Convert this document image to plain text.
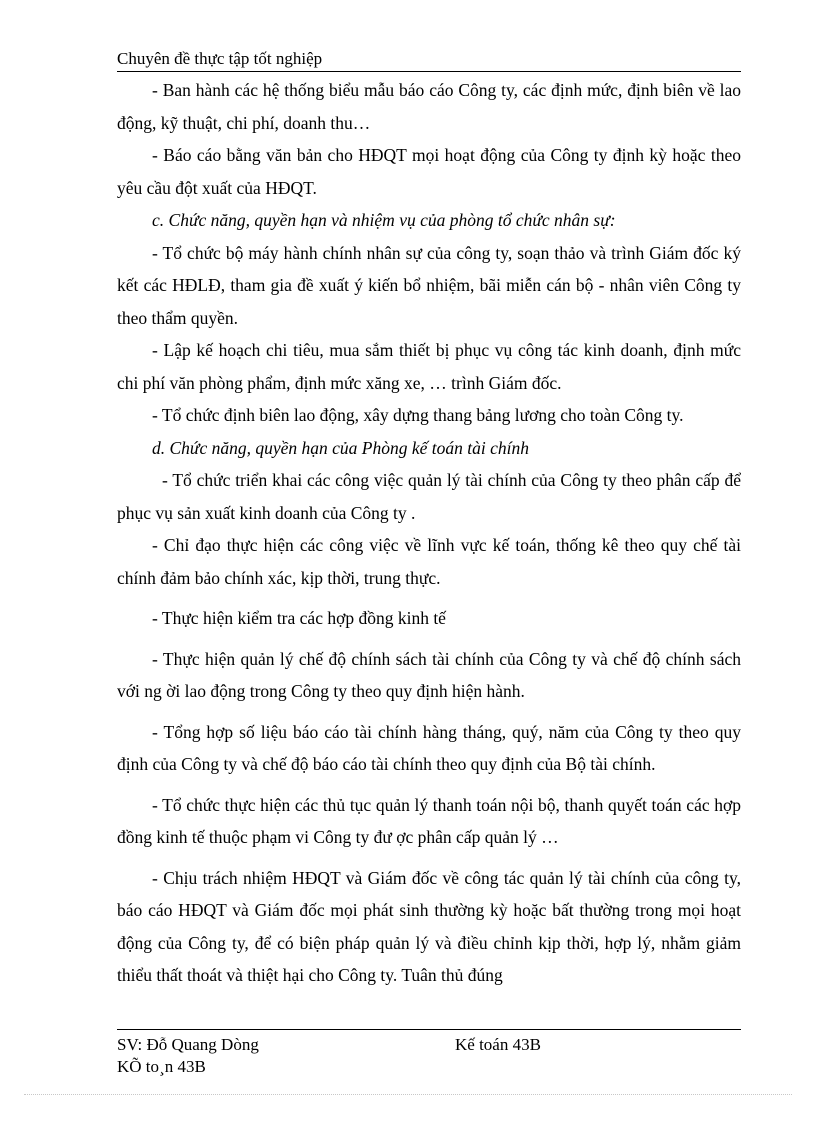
Chuyên đề thực tập tốt nghiệp

- Ban hành các hệ thống biểu mẫu báo cáo Công ty, các định mức, định biên về lao động, kỹ thuật, chi phí, doanh thu…

- Báo cáo bằng văn bản cho HĐQT mọi hoạt động của Công ty định kỳ hoặc theo yêu cầu đột xuất của HĐQT.

c. Chức năng, quyền hạn và nhiệm vụ của phòng tổ chức nhân sự:

- Tổ chức bộ máy hành chính nhân sự của công ty, soạn thảo và trình Giám đốc ký kết các HĐLĐ, tham gia đề xuất ý kiến bổ nhiệm, bãi miễn cán bộ - nhân viên Công ty theo thẩm quyền.

- Lập kế hoạch chi tiêu, mua sắm thiết bị phục vụ công tác kinh doanh, định mức chi phí văn phòng phẩm, định mức xăng xe, … trình Giám đốc.

- Tổ chức định biên lao động, xây dựng thang bảng lương cho toàn Công ty.

d. Chức năng, quyền hạn của Phòng kế toán tài chính

- Tổ chức triển khai các công việc quản lý tài chính của Công ty theo phân cấp để phục vụ sản xuất kinh doanh của Công ty .

- Chỉ đạo thực hiện các công việc về lĩnh vực kế toán, thống kê theo quy chế tài chính đảm bảo chính xác, kịp thời, trung thực.

- Thực hiện kiểm tra các hợp đồng kinh tế

- Thực hiện quản lý chế độ chính sách tài chính của Công ty và chế độ chính sách với ng ời lao động trong Công ty theo quy định hiện hành.

- Tổng hợp số liệu báo cáo tài chính hàng tháng, quý, năm của Công ty theo quy định của Công ty và chế độ báo cáo tài chính theo quy định của Bộ tài chính.

- Tổ chức thực hiện các thủ tục quản lý thanh toán nội bộ, thanh quyết toán các hợp đồng kinh tế thuộc phạm vi Công ty đư ợc phân cấp quản lý …

- Chịu trách nhiệm HĐQT và Giám đốc về công tác quản lý tài chính của công ty, báo cáo HĐQT và Giám đốc mọi phát sinh thường kỳ hoặc bất thường trong mọi hoạt động của Công ty, để có biện pháp quản lý và điều chỉnh kịp thời, hợp lý, nhằm giảm thiểu thất thoát và thiệt hại cho Công ty. Tuân thủ đúng

SV: Đỗ Quang Dòng	Kế toán 43B
KÕ to¸n 43B
